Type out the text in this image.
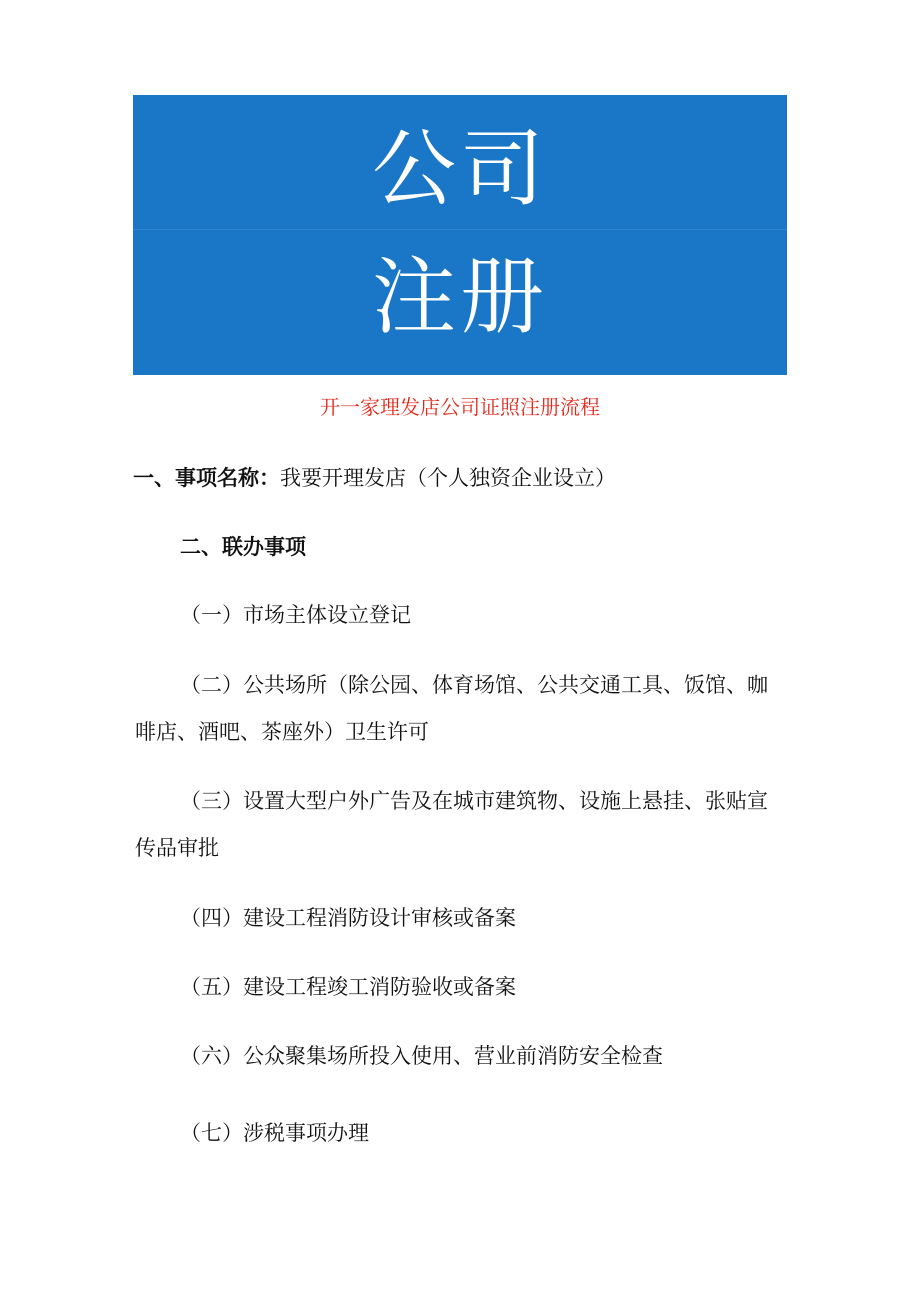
公司
注册
开一家理发店公司证照注册流程
一、事项名称：我要开理发店（个人独资企业设立）
二、联办事项
（一）市场主体设立登记
（二）公共场所（除公园、体育场馆、公共交通工具、饭馆、咖啡店、酒吧、茶座外）卫生许可
（三）设置大型户外广告及在城市建筑物、设施上悬挂、张贴宣传品审批
（四）建设工程消防设计审核或备案
（五）建设工程竣工消防验收或备案
（六）公众聚集场所投入使用、营业前消防安全检查
（七）涉税事项办理
